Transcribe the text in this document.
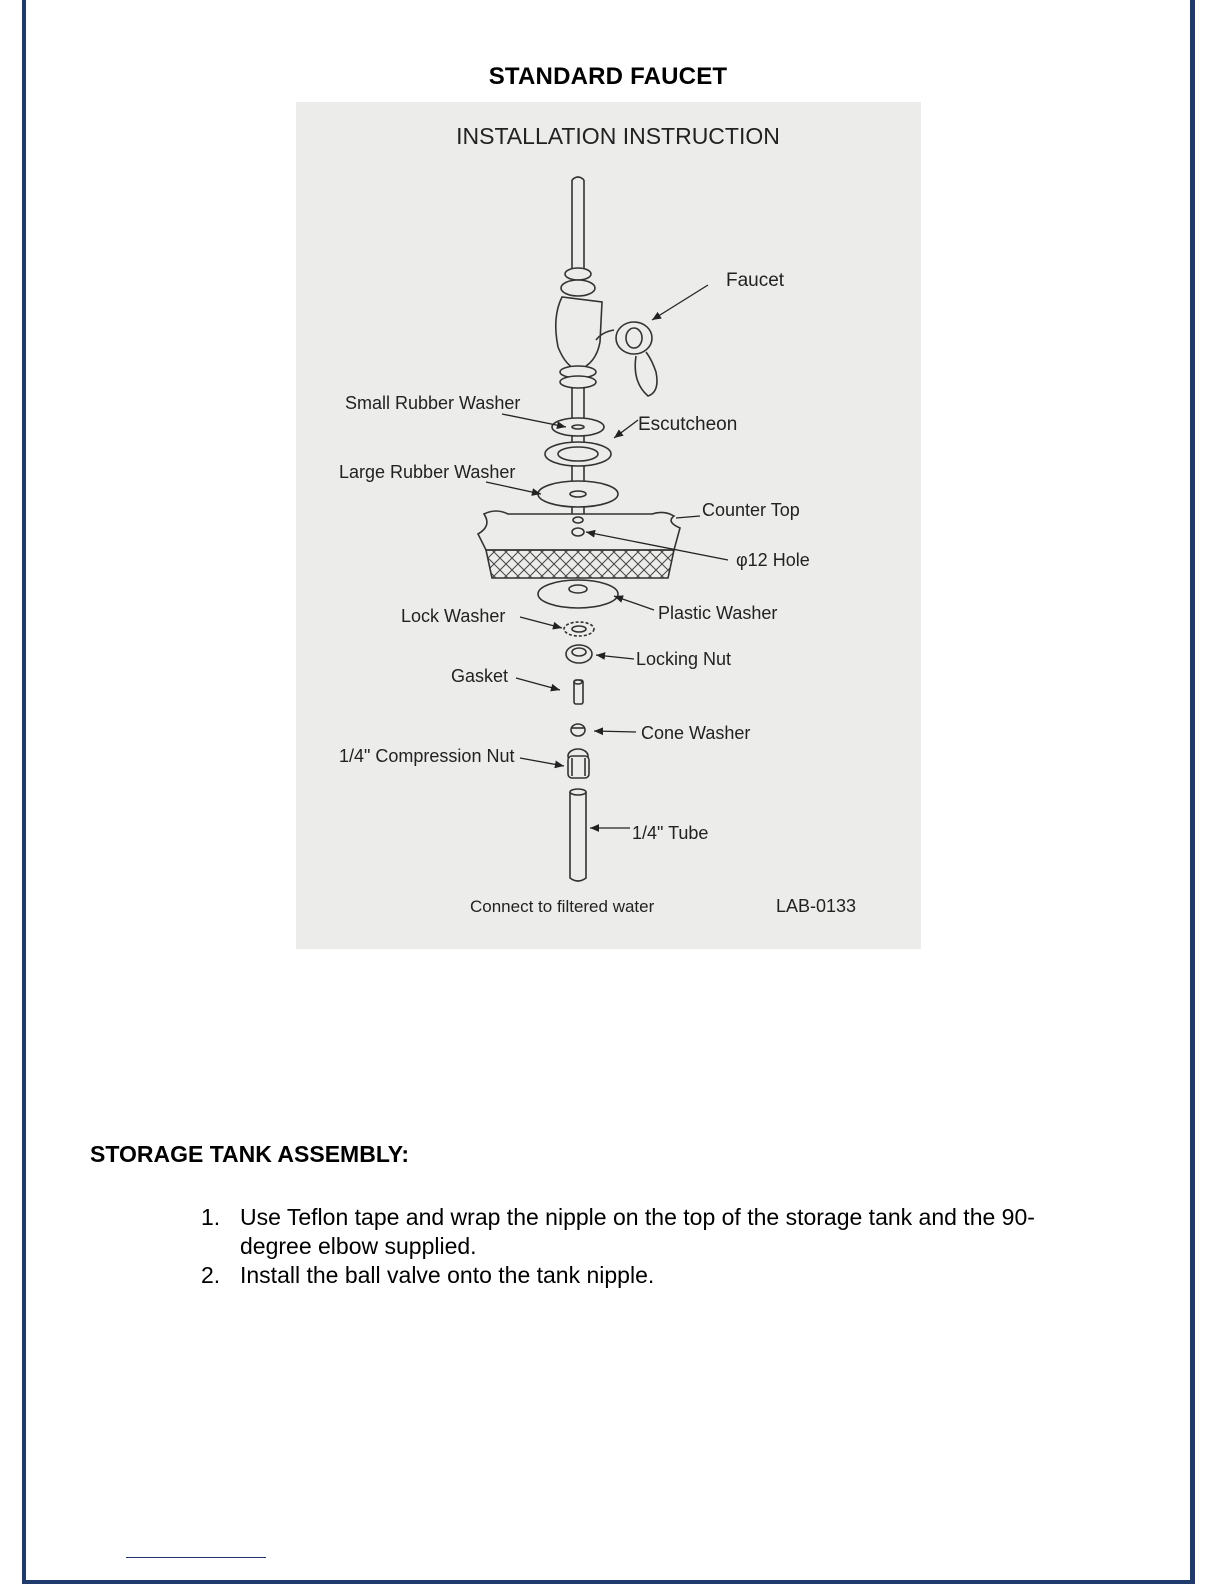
STANDARD FAUCET
INSTALLATION INSTRUCTION
Faucet
Small Rubber Washer
Escutcheon
Large Rubber Washer
Counter Top
φ12 Hole
Plastic Washer
Lock Washer
Locking Nut
Gasket
Cone Washer
1/4" Compression Nut
1/4" Tube
Connect to filtered water	LAB-0133
STORAGE TANK ASSEMBLY:
1. Use Teflon tape and wrap the nipple on the top of the storage tank and the 90-degree elbow supplied.
2. Install the ball valve onto the tank nipple.
